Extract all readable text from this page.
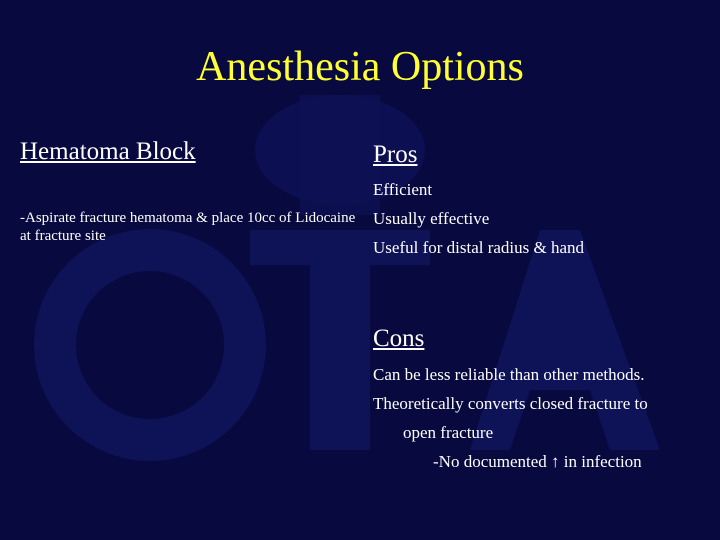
Anesthesia Options
Hematoma Block
-Aspirate fracture hematoma & place 10cc of Lidocaine at fracture site
Pros
Efficient
Usually effective
Useful for distal radius & hand
Cons
Can be less reliable than other methods.
Theoretically converts closed fracture to
open fracture
-No documented ↑ in infection
